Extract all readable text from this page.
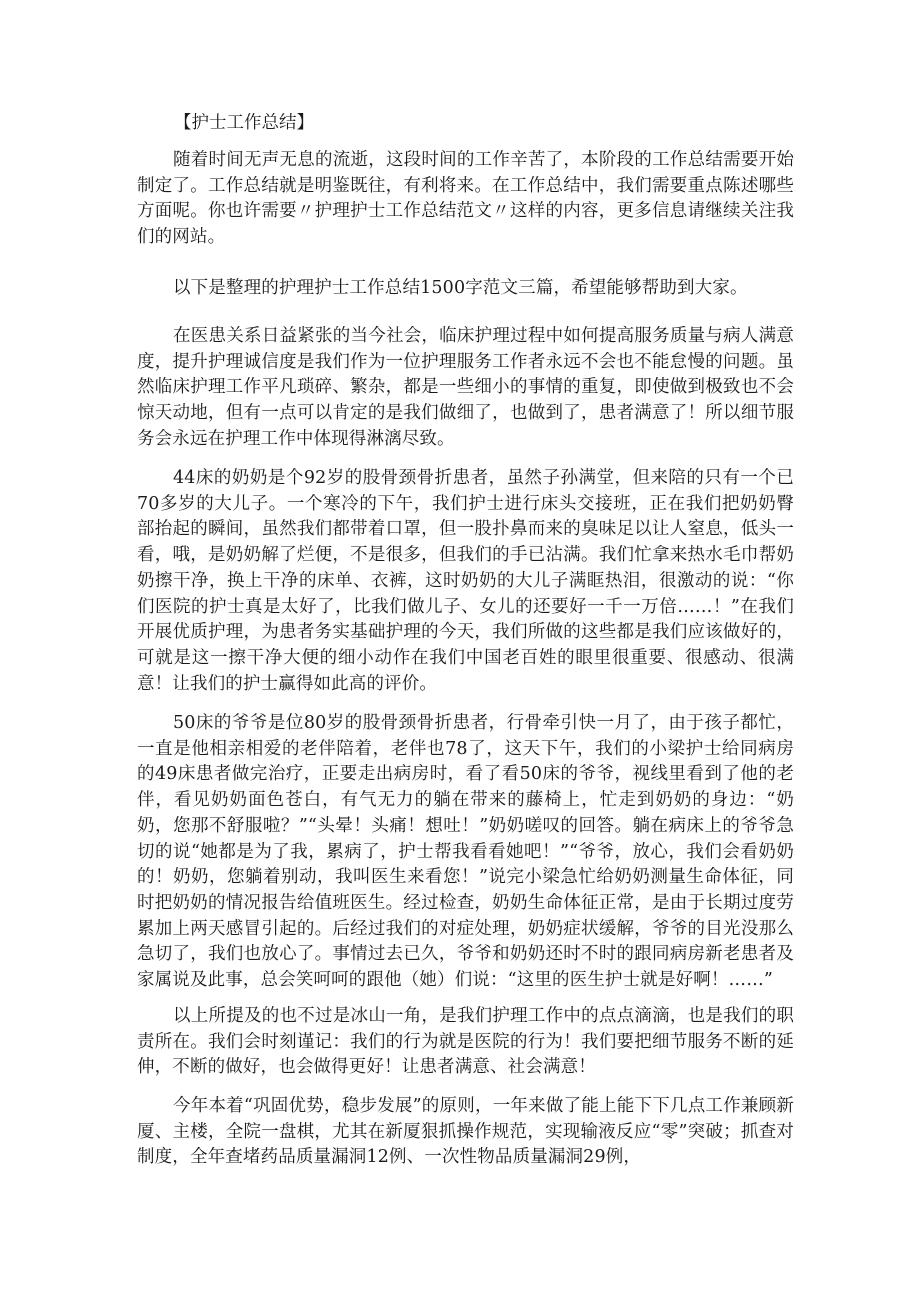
【护士工作总结】

随着时间无声无息的流逝，这段时间的工作辛苦了，本阶段的工作总结需要开始制定了。工作总结就是明鉴既往，有利将来。在工作总结中，我们需要重点陈述哪些方面呢。你也许需要〃护理护士工作总结范文〃这样的内容，更多信息请继续关注我们的网站。

以下是整理的护理护士工作总结1500字范文三篇，希望能够帮助到大家。

在医患关系日益紧张的当今社会，临床护理过程中如何提高服务质量与病人满意度，提升护理诚信度是我们作为一位护理服务工作者永远不会也不能怠慢的问题。虽然临床护理工作平凡琐碎、繁杂，都是一些细小的事情的重复，即使做到极致也不会惊天动地，但有一点可以肯定的是我们做细了，也做到了，患者满意了！所以细节服务会永远在护理工作中体现得淋漓尽致。

44床的奶奶是个92岁的股骨颈骨折患者，虽然子孙满堂，但来陪的只有一个已70多岁的大儿子。一个寒冷的下午，我们护士进行床头交接班，正在我们把奶奶臀部抬起的瞬间，虽然我们都带着口罩，但一股扑鼻而来的臭味足以让人窒息，低头一看，哦，是奶奶解了烂便，不是很多，但我们的手已沾满。我们忙拿来热水毛巾帮奶奶擦干净，换上干净的床单、衣裤，这时奶奶的大儿子满眶热泪，很激动的说：“你们医院的护士真是太好了，比我们做儿子、女儿的还要好一千一万倍……！”在我们开展优质护理，为患者务实基础护理的今天，我们所做的这些都是我们应该做好的，可就是这一擦干净大便的细小动作在我们中国老百姓的眼里很重要、很感动、很满意！让我们的护士赢得如此高的评价。

50床的爷爷是位80岁的股骨颈骨折患者，行骨牵引快一月了，由于孩子都忙，一直是他相亲相爱的老伴陪着，老伴也78了，这天下午，我们的小梁护士给同病房的49床患者做完治疗，正要走出病房时，看了看50床的爷爷，视线里看到了他的老伴，看见奶奶面色苍白，有气无力的躺在带来的藤椅上，忙走到奶奶的身边：“奶奶，您那不舒服啦？”“头晕！头痛！想吐！”奶奶嗟叹的回答。躺在病床上的爷爷急切的说“她都是为了我，累病了，护士帮我看看她吧！”“爷爷，放心，我们会看奶奶的！奶奶，您躺着别动，我叫医生来看您！”说完小梁急忙给奶奶测量生命体征，同时把奶奶的情况报告给值班医生。经过检查，奶奶生命体征正常，是由于长期过度劳累加上两天感冒引起的。后经过我们的对症处理，奶奶症状缓解，爷爷的目光没那么急切了，我们也放心了。事情过去已久，爷爷和奶奶还时不时的跟同病房新老患者及家属说及此事，总会笑呵呵的跟他（她）们说：“这里的医生护士就是好啊！……”

以上所提及的也不过是冰山一角，是我们护理工作中的点点滴滴，也是我们的职责所在。我们会时刻谨记：我们的行为就是医院的行为！我们要把细节服务不断的延伸，不断的做好，也会做得更好！让患者满意、社会满意！

今年本着“巩固优势，稳步发展”的原则，一年来做了能上能下下几点工作兼顾新厦、主楼，全院一盘棋，尤其在新厦狠抓操作规范，实现输液反应“零”突破；抓查对制度，全年查堵药品质量漏洞12例、一次性物品质量漏洞29例，
